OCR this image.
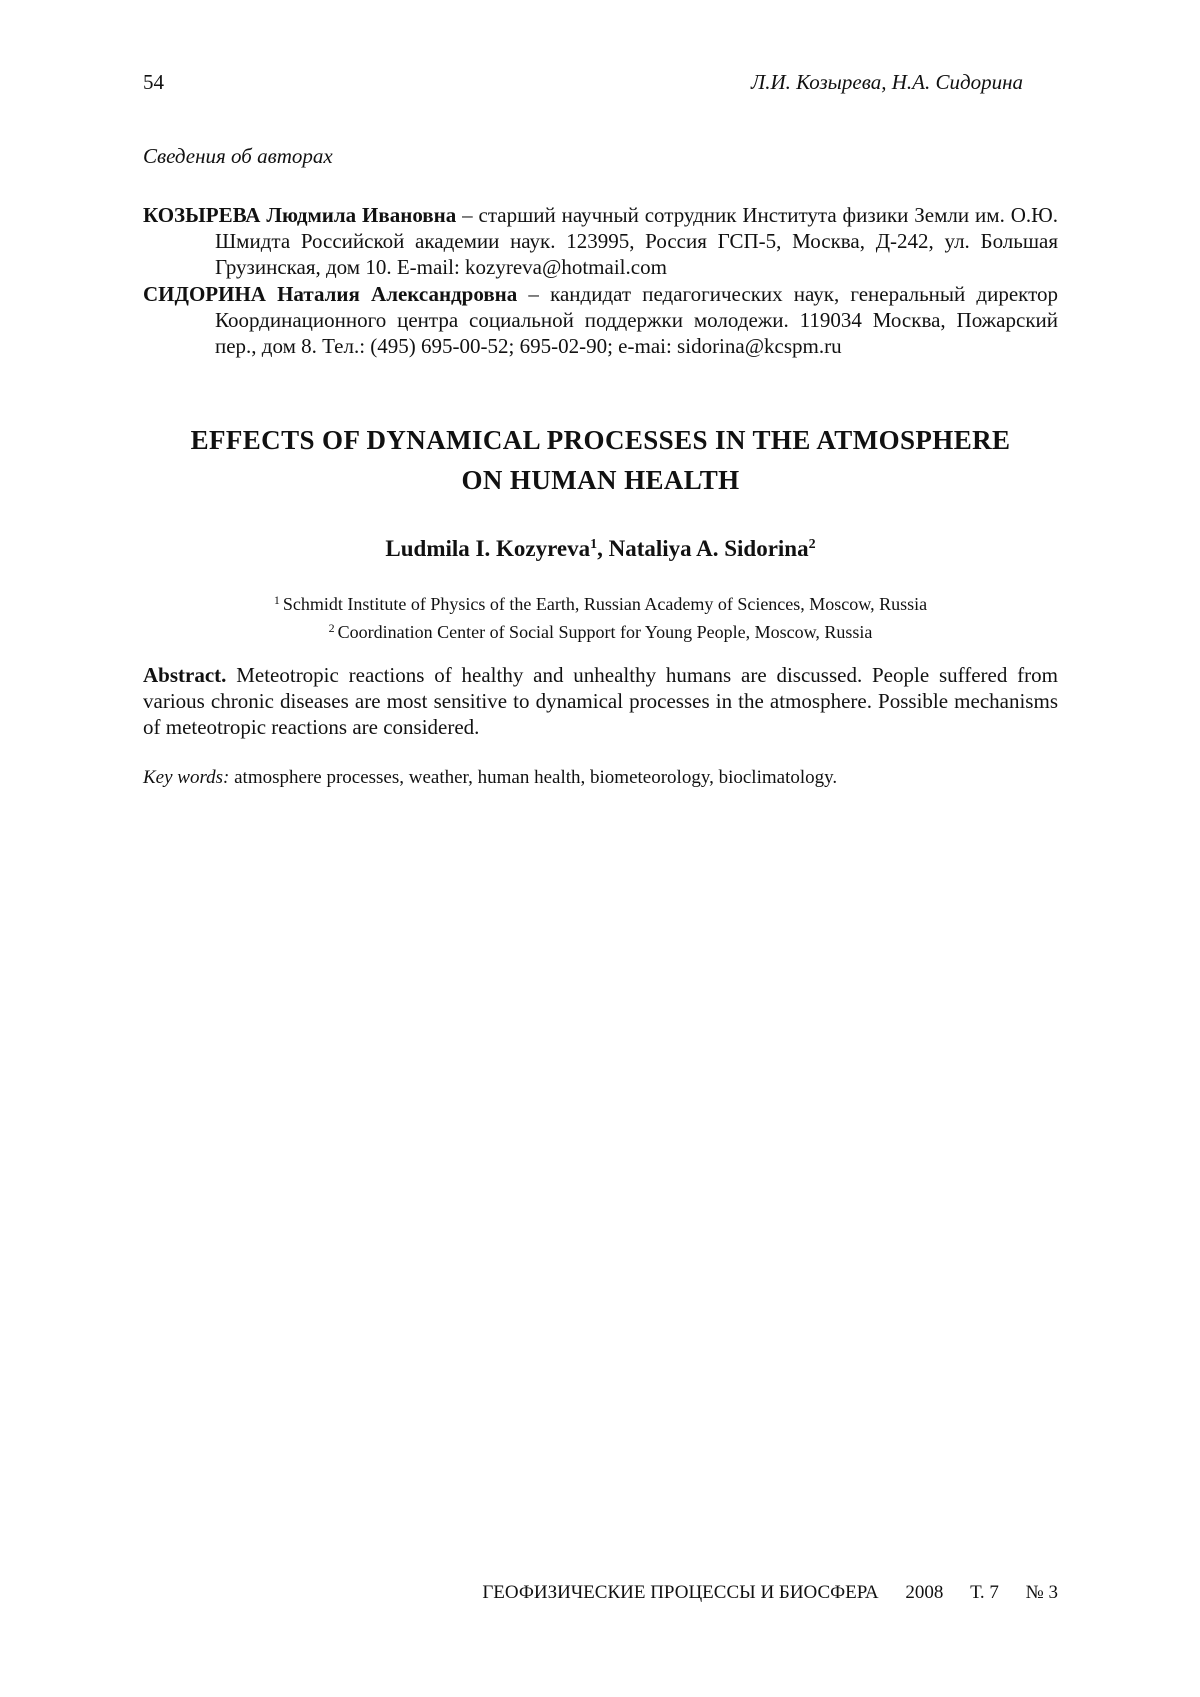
54	Л.И. Козырева, Н.А. Сидорина
Сведения об авторах
КОЗЫРЕВА Людмила Ивановна – старший научный сотрудник Института физики Земли им. О.Ю. Шмидта Российской академии наук. 123995, Россия ГСП-5, Москва, Д-242, ул. Большая Грузинская, дом 10. E-mail: kozyreva@hotmail.com
СИДОРИНА Наталия Александровна – кандидат педагогических наук, генеральный директор Координационного центра социальной поддержки молодежи. 119034 Москва, Пожарский пер., дом 8. Тел.: (495) 695-00-52; 695-02-90; e-mai: sidorina@kcspm.ru
EFFECTS OF DYNAMICAL PROCESSES IN THE ATMOSPHERE
ON HUMAN HEALTH
Ludmila I. Kozyreva$^1$, Nataliya A. Sidorina$^2$
$^1$ Schmidt Institute of Physics of the Earth, Russian Academy of Sciences, Moscow, Russia
$^2$ Coordination Center of Social Support for Young People, Moscow, Russia
Abstract. Meteotropic reactions of healthy and unhealthy humans are discussed. People suffered from various chronic diseases are most sensitive to dynamical processes in the atmosphere. Possible mechanisms of meteotropic reactions are considered.
Key words: atmosphere processes, weather, human health, biometeorology, bioclimatology.
ГЕОФИЗИЧЕСКИЕ ПРОЦЕССЫ И БИОСФЕРА 2008 Т. 7 № 3
